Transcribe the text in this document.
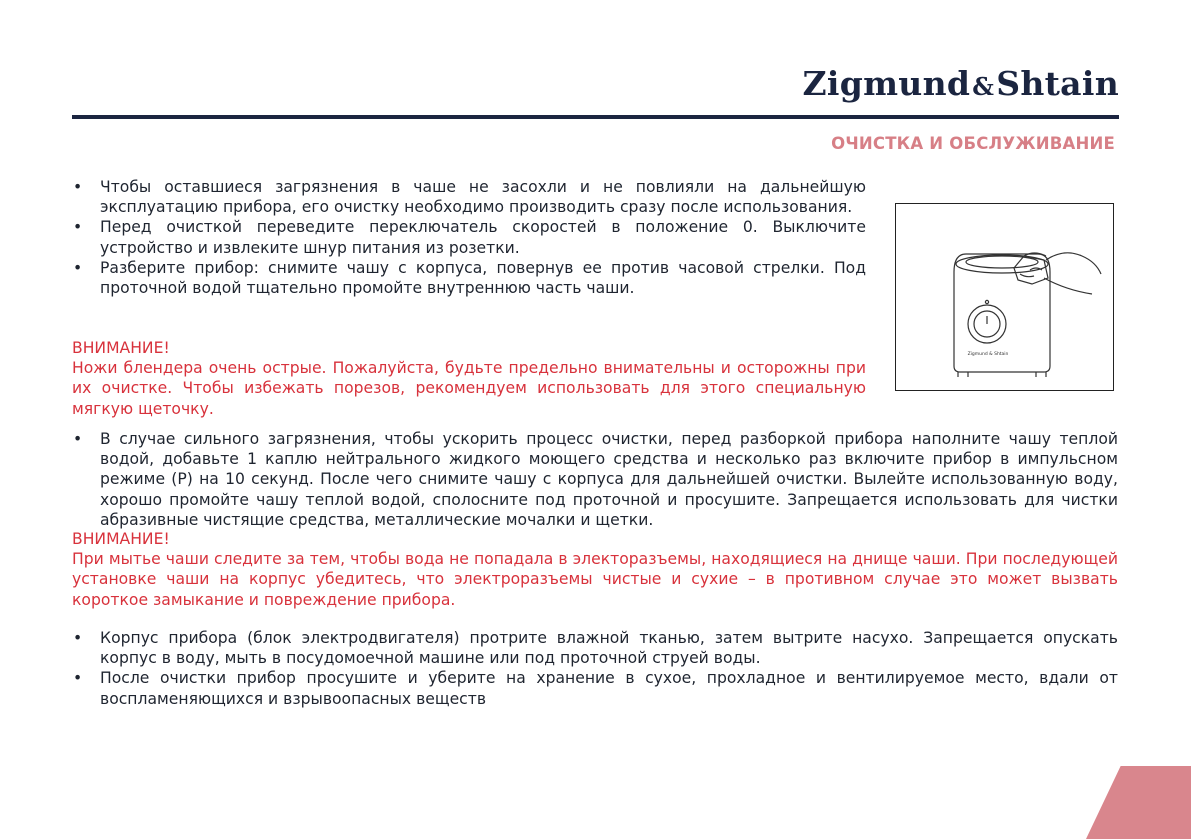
Zigmund&Shtain
ОЧИСТКА И ОБСЛУЖИВАНИЕ
• Чтобы оставшиеся загрязнения в чаше не засохли и не повлияли на дальнейшую эксплуатацию прибора, его очистку необходимо производить сразу после использования.
• Перед очисткой переведите переключатель скоростей в положение 0. Выключите устройство и извлеките шнур питания из розетки.
• Разберите прибор: снимите чашу с корпуса, повернув ее против часовой стрелки. Под проточной водой тщательно промойте внутреннюю часть чаши.

ВНИМАНИЕ!

Ножи блендера очень острые. Пожалуйста, будьте предельно внимательны и осторожны при их очистке. Чтобы избежать порезов, рекомендуем использовать для этого специальную мягкую щеточку.

Zigmund & Shtain
• В случае сильного загрязнения, чтобы ускорить процесс очистки, перед разборкой прибора наполните чашу теплой водой, добавьте 1 каплю нейтрального жидкого моющего средства и несколько раз включите прибор в импульсном режиме (P) на 10 секунд. После чего снимите чашу с корпуса для дальнейшей очистки. Вылейте использованную воду, хорошо промойте чашу теплой водой, сполосните под проточной и просушите. Запрещается использовать для чистки абразивные чистящие средства, металлические мочалки и щетки.

ВНИМАНИЕ!

При мытье чаши следите за тем, чтобы вода не попадала в электоразъемы, находящиеся на днище чаши. При последующей установке чаши на корпус убедитесь, что электроразъемы чистые и сухие – в противном случае это может вызвать короткое замыкание и повреждение прибора.

• Корпус прибора (блок электродвигателя) протрите влажной тканью, затем вытрите насухо. Запрещается опускать корпус в воду, мыть в посудомоечной машине или под проточной струей воды.
• После очистки прибор просушите и уберите на хранение в сухое, прохладное и вентилируемое место, вдали от воспламеняющихся и взрывоопасных веществ
